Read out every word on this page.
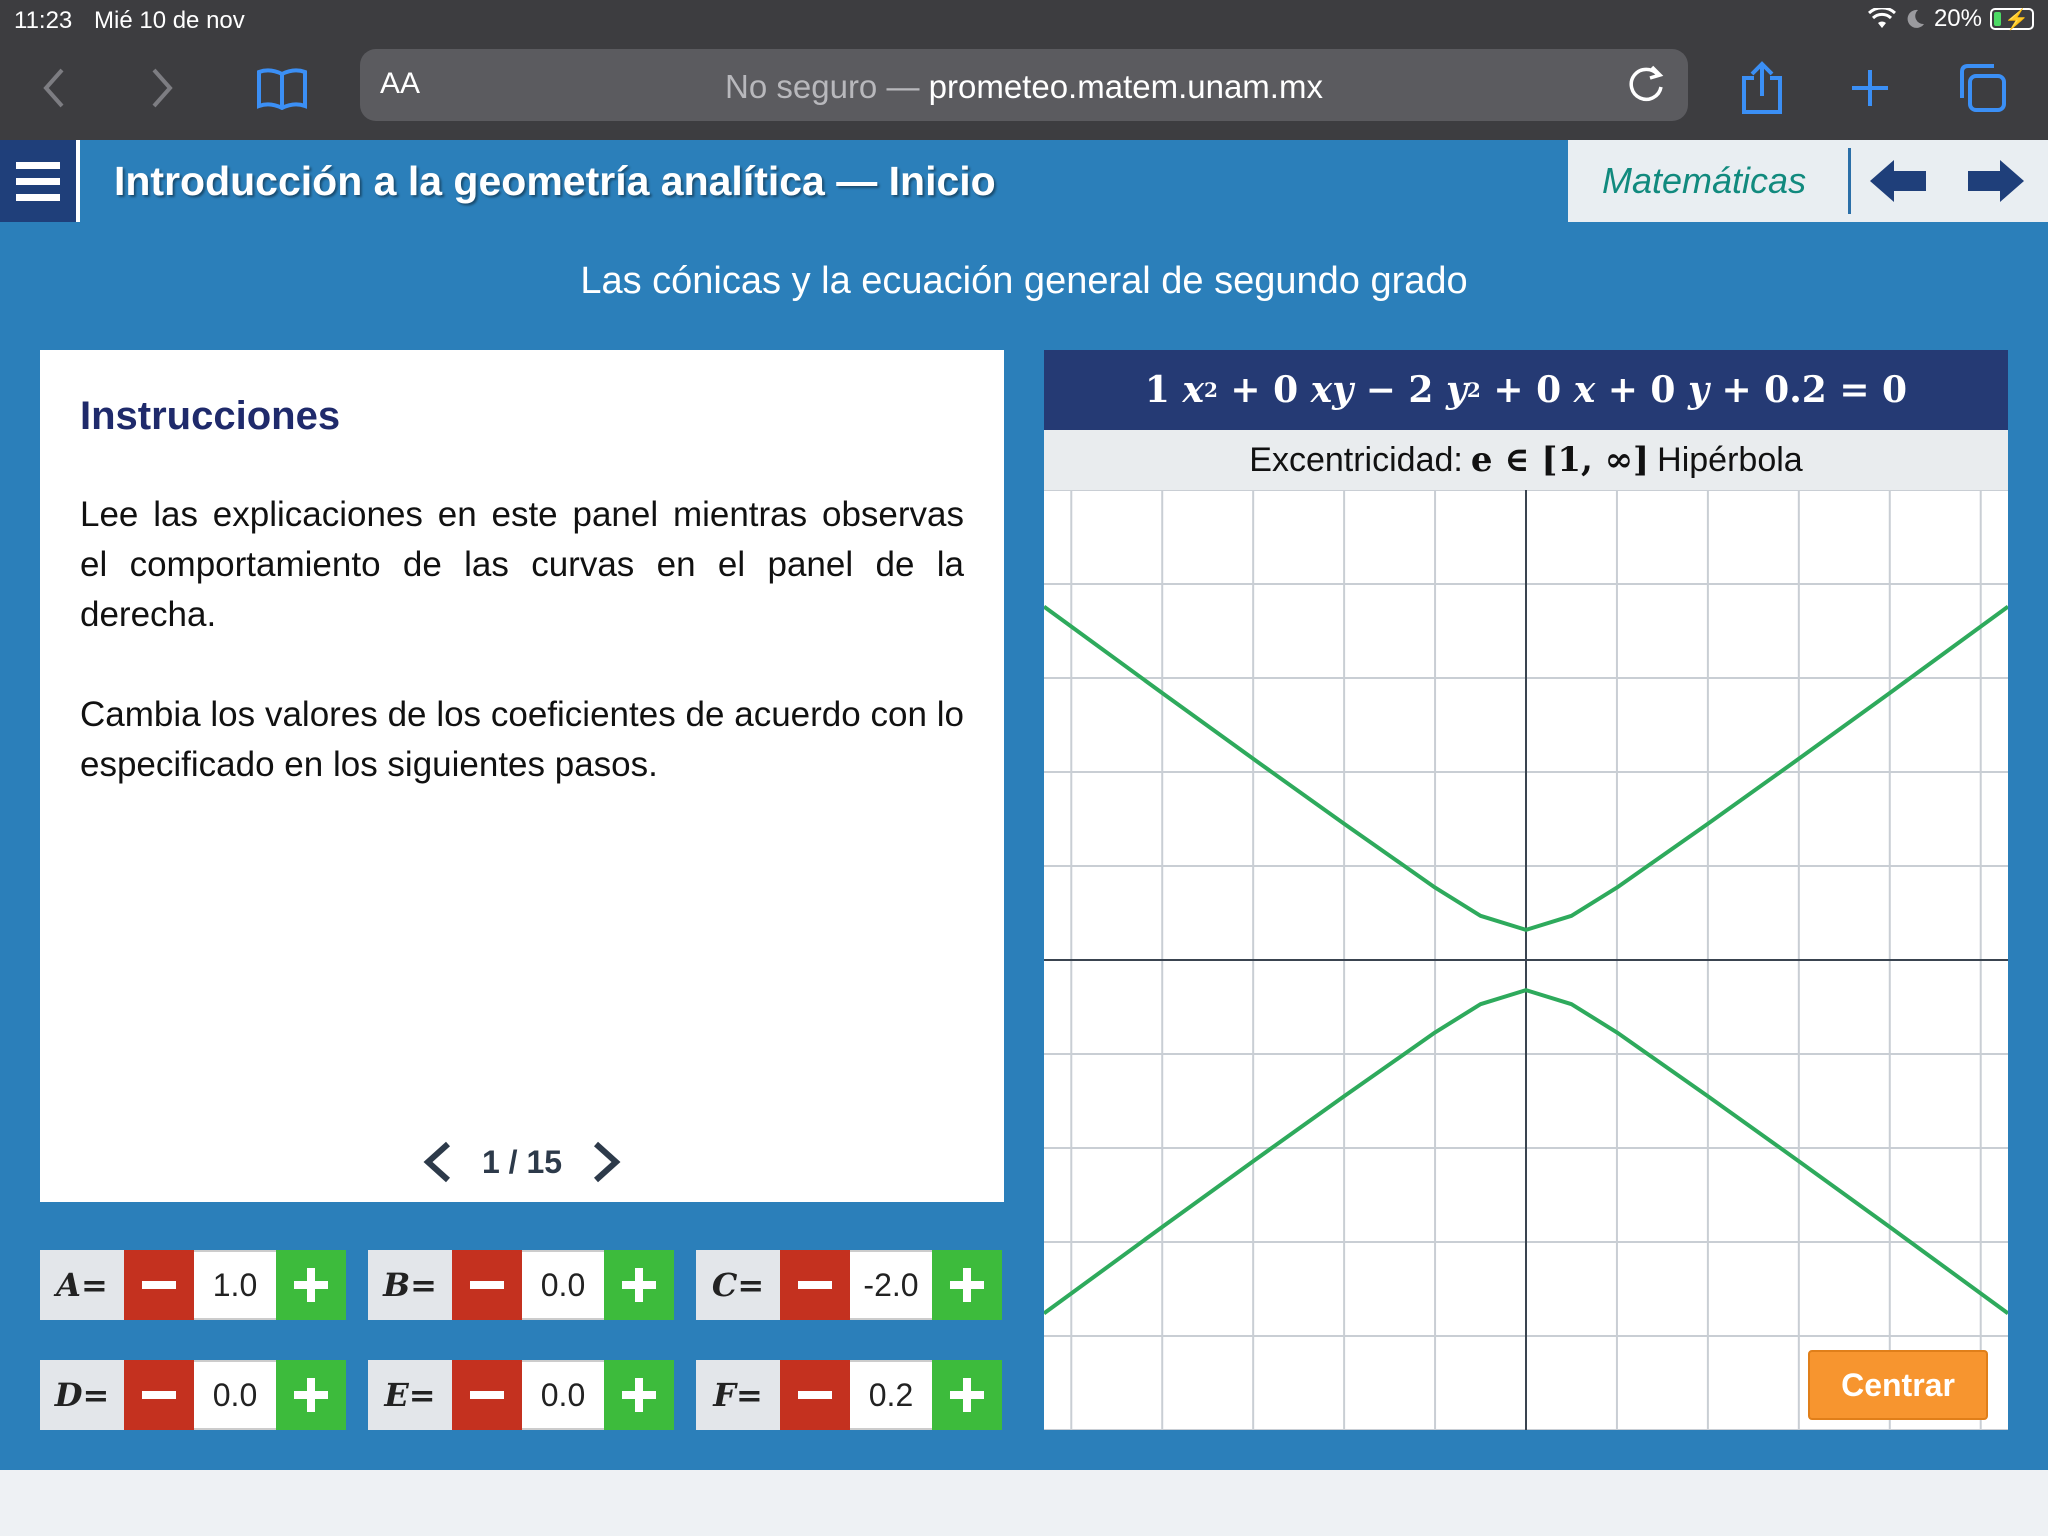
11:23 Mié 10 de nov	20% ⚡
AA	No seguro — prometeo.matem.unam.mx
Introducción a la geometría analítica — Inicio	Matemáticas
Las cónicas y la ecuación general de segundo grado
Instrucciones

Lee las explicaciones en este panel mientras observas el comportamiento de las curvas en el panel de la derecha.

Cambia los valores de los coeficientes de acuerdo con lo especificado en los siguientes pasos.

1 / 15
A=	1.0	B=	0.0	C=	-2.0
D=	0.0	E=	0.0	F=	0.2
1
x 2 + 0
xy
−
2
y 2 + 0
x + 0
y + 0.2 = 0
Excentricidad: e ∈ [1, ∞] Hipérbola
Centrar
